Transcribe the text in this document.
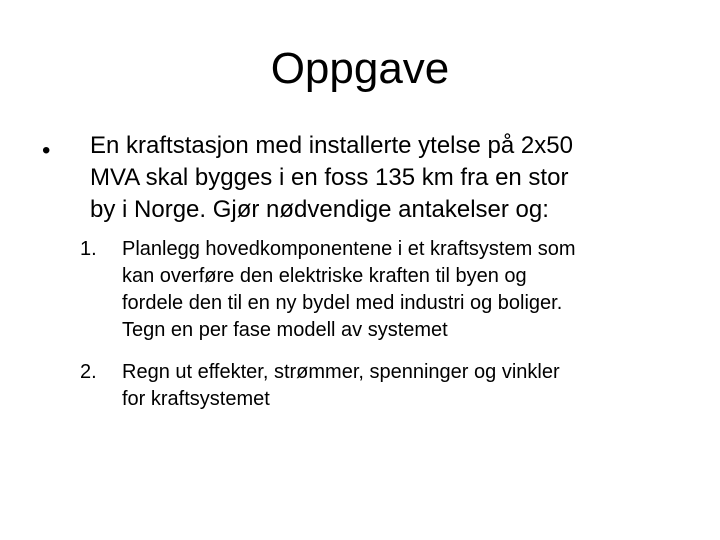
Oppgave
• En kraftstasjon med installerte ytelse på 2x50
MVA skal bygges i en foss 135 km fra en stor
by i Norge. Gjør nødvendige antakelser og:
1.	Planlegg hovedkomponentene i et kraftsystem som
kan overføre den elektriske kraften til byen og
fordele den til en ny bydel med industri og boliger.
Tegn en per fase modell av systemet
2.	Regn ut effekter, strømmer, spenninger og vinkler
for kraftsystemet
